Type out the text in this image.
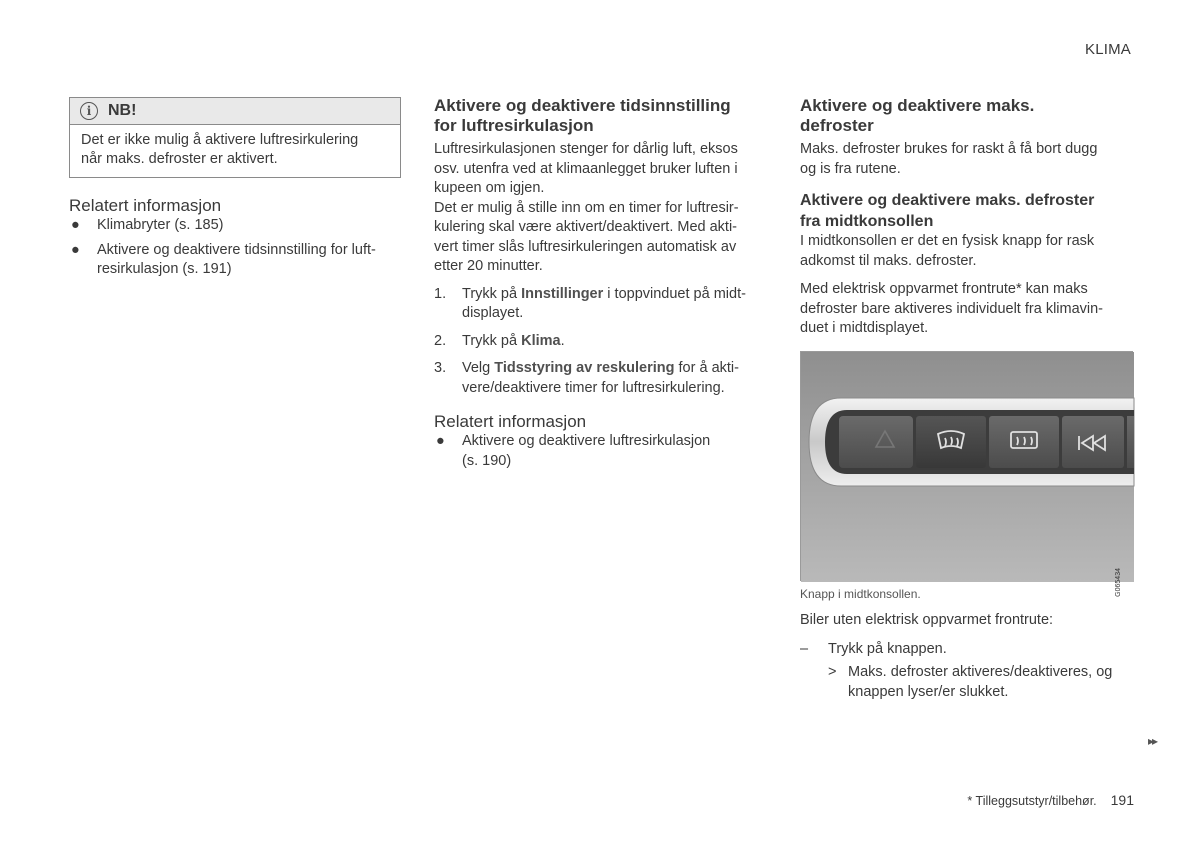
KLIMA
i	NB!
Det er ikke mulig å aktivere luftresirkulering
når maks. defroster er aktivert.
Relatert informasjon
● Klimabryter (s. 185)
● Aktivere og deaktivere tidsinnstilling for luft-
resirkulasjon (s. 191)
Aktivere og deaktivere tidsinnstilling
for luftresirkulasjon

Luftresirkulasjonen stenger for dårlig luft, eksos
osv. utenfra ved at klimaanlegget bruker luften i
kupeen om igjen.

Det er mulig å stille inn om en timer for luftresir-
kulering skal være aktivert/deaktivert. Med akti-
vert timer slås luftresirkuleringen automatisk av
etter 20 minutter.

1. Trykk på Innstillinger i toppvinduet på midt-
displayet.
2. Trykk på Klima.
3. Velg Tidsstyring av reskulering for å akti-
vere/deaktivere timer for luftresirkulering.
Relatert informasjon
● Aktivere og deaktivere luftresirkulasjon
(s. 190)
Aktivere og deaktivere maks.
defroster

Maks. defroster brukes for raskt å få bort dugg
og is fra rutene.

Aktivere og deaktivere maks. defroster
fra midtkonsollen

I midtkonsollen er det en fysisk knapp for rask
adkomst til maks. defroster.

Med elektrisk oppvarmet frontrute* kan maks
defroster bare aktiveres individuelt fra klimavin-
duet i midtdisplayet.

G065434
Knapp i midtkonsollen.

Biler uten elektrisk oppvarmet frontrute:

– Trykk på knappen.
> Maks. defroster aktiveres/deaktiveres, og
knappen lyser/er slukket.
▸▸
* Tilleggsutstyr/tilbehør. 191
